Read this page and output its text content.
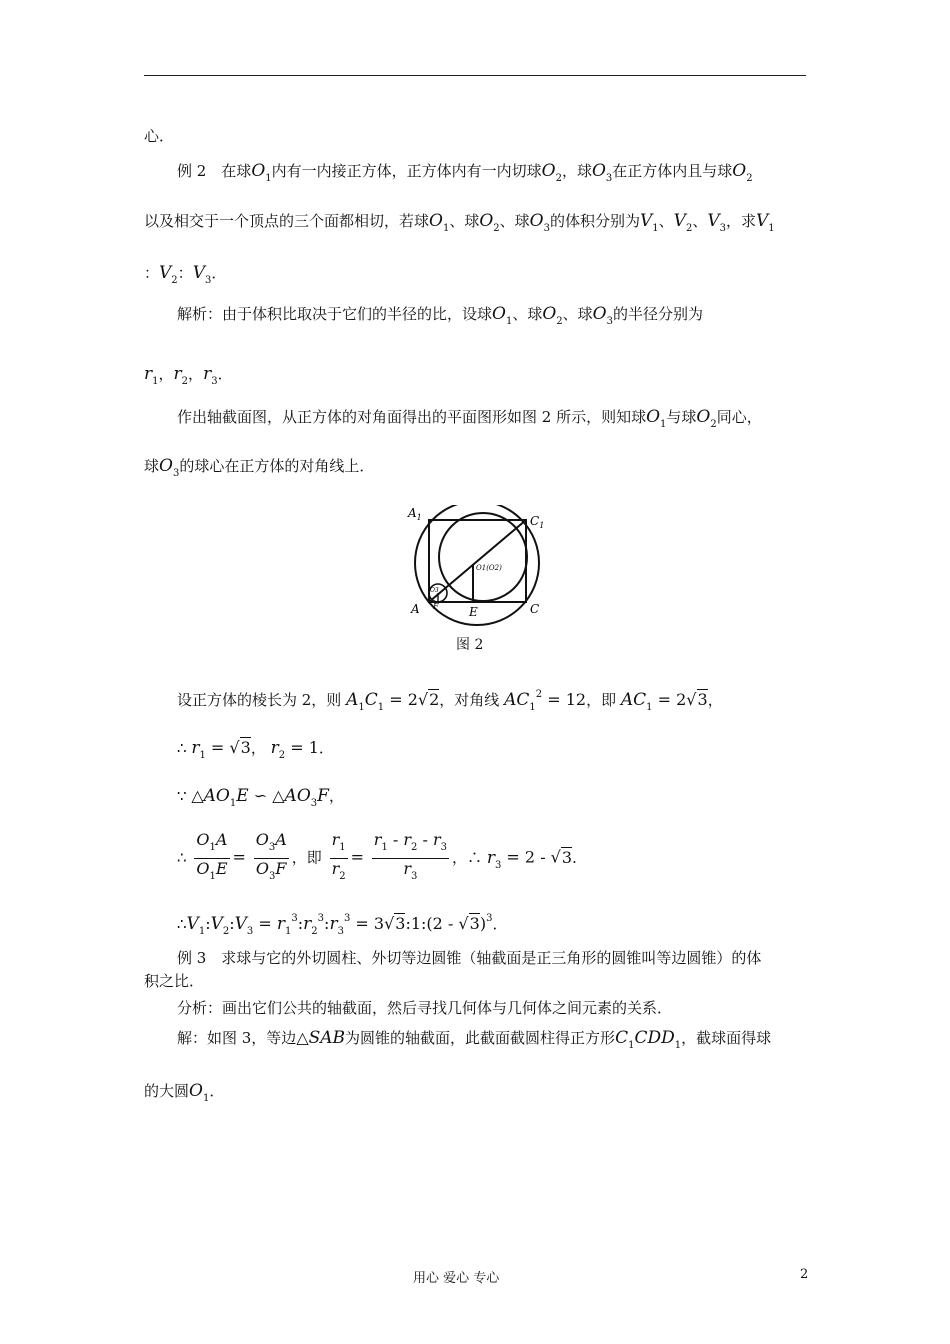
心．
例 2　在球$O_1$内有一内接正方体，正方体内有一内切球$O_2$，球$O_3$在正方体内且与球$O_2$
以及相交于一个顶点的三个面都相切，若球$O_1$、球$O_2$、球$O_3$的体积分别为$V_1$、$V_2$、$V_3$，求$V_1$
：$V_2$：$V_3$．
解析：由于体积比取决于它们的半径的比，设球$O_1$、球$O_2$、球$O_3$的半径分别为
$r_1$，$r_2$，$r_3$．
作出轴截面图，从正方体的对角面得出的平面图形如图 2 所示，则知球$O_1$与球$O_2$同心，
球$O_3$的球心在正方体的对角线上．
$A_1$	$C_1$
A	C
E
F
O3
O1(O2)
图 2
设正方体的棱长为 2，则 $A_1C_1 = 2√2$，对角线 $AC_1^2 = 12$，即 $AC_1 = 2√3$，
∴ $r_1 = √3$， $r_2 = 1$．
∵ $\triangle AO_1E$ ∽ $\triangle AO_3F$，
∴ $\frac{O_1A}{O_1E} = \frac{O_3A}{O_3F}$ ，即 $\frac{r_1}{r_2} = \frac{r_1 - r_2 - r_3}{r_3}$ ，∴ $r_3 = 2 - √3$．
$\therefore V_1:V_2:V_3$ = $r_1^3:r_2^3:r_3^3$ = 3√3:1:(2 - √3)$^3$．
例 3　求球与它的外切圆柱、外切等边圆锥（轴截面是正三角形的圆锥叫等边圆锥）的体
积之比．
分析：画出它们公共的轴截面，然后寻找几何体与几何体之间元素的关系．
解：如图 3，等边△SAB为圆锥的轴截面，此截面截圆柱得正方形$C_1CDD_1$，截球面得球
的大圆$O_1$．
用心 爱心 专心	2
